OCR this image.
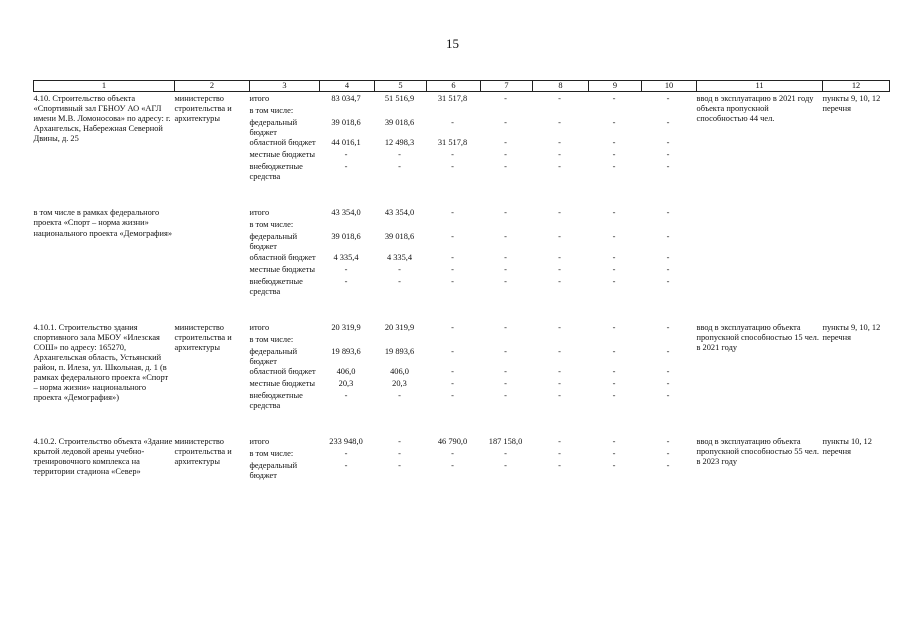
15
1	2	3	4	5	6	7	8	9	10	11	12
4.10. Строительство объекта «Спортивный зал ГБНОУ АО «АГЛ имени М.В. Ломоносова» по адресу: г. Архангельск, Набережная Северной Двины, д. 25	министерство строительства и архитектуры	итого	83 034,7	51 516,9	31 517,8	-	-	-	-	ввод в эксплуатацию в 2021 году объекта пропускной способностью 44 чел.	пункты 9, 10, 12 перечня
		в том числе:									
		федеральный бюджет	39 018,6	39 018,6	-	-	-	-	-		
		областной бюджет	44 016,1	12 498,3	31 517,8	-	-	-	-		
		местные бюджеты	-	-	-	-	-	-	-		
		внебюджетные средства	-	-	-	-	-	-	-		

в том числе в рамках федерального проекта «Спорт – норма жизни» национального проекта «Демография»		итого	43 354,0	43 354,0	-	-	-	-	-		
		в том числе:									
		федеральный бюджет	39 018,6	39 018,6	-	-	-	-	-		
		областной бюджет	4 335,4	4 335,4	-	-	-	-	-		
		местные бюджеты	-	-	-	-	-	-	-		
		внебюджетные средства	-	-	-	-	-	-	-		

4.10.1. Строительство здания спортивного зала МБОУ «Илезская СОШ» по адресу: 165270, Архангельская область, Устьянский район, п. Илеза, ул. Школьная, д. 1 (в рамках федерального проекта «Спорт – норма жизни» национального проекта «Демография»)	министерство строительства и архитектуры	итого	20 319,9	20 319,9	-	-	-	-	-	ввод в эксплуатацию объекта пропускной способностью 15 чел. в 2021 году	пункты 9, 10, 12 перечня
		в том числе:									
		федеральный бюджет	19 893,6	19 893,6	-	-	-	-	-		
		областной бюджет	406,0	406,0	-	-	-	-	-		
		местные бюджеты	20,3	20,3	-	-	-	-	-		
		внебюджетные средства	-	-	-	-	-	-	-		

4.10.2. Строительство объекта «Здание крытой ледовой арены учебно-тренировочного комплекса на территории стадиона «Север»	министерство строительства и архитектуры	итого	233 948,0	-	46 790,0	187 158,0	-	-	-	ввод в эксплуатацию объекта пропускной способностью 55 чел. в 2023 году	пункты 10, 12 перечня
		в том числе:	-	-	-	-	-	-	-		
		федеральный бюджет	-	-	-	-	-	-	-		
